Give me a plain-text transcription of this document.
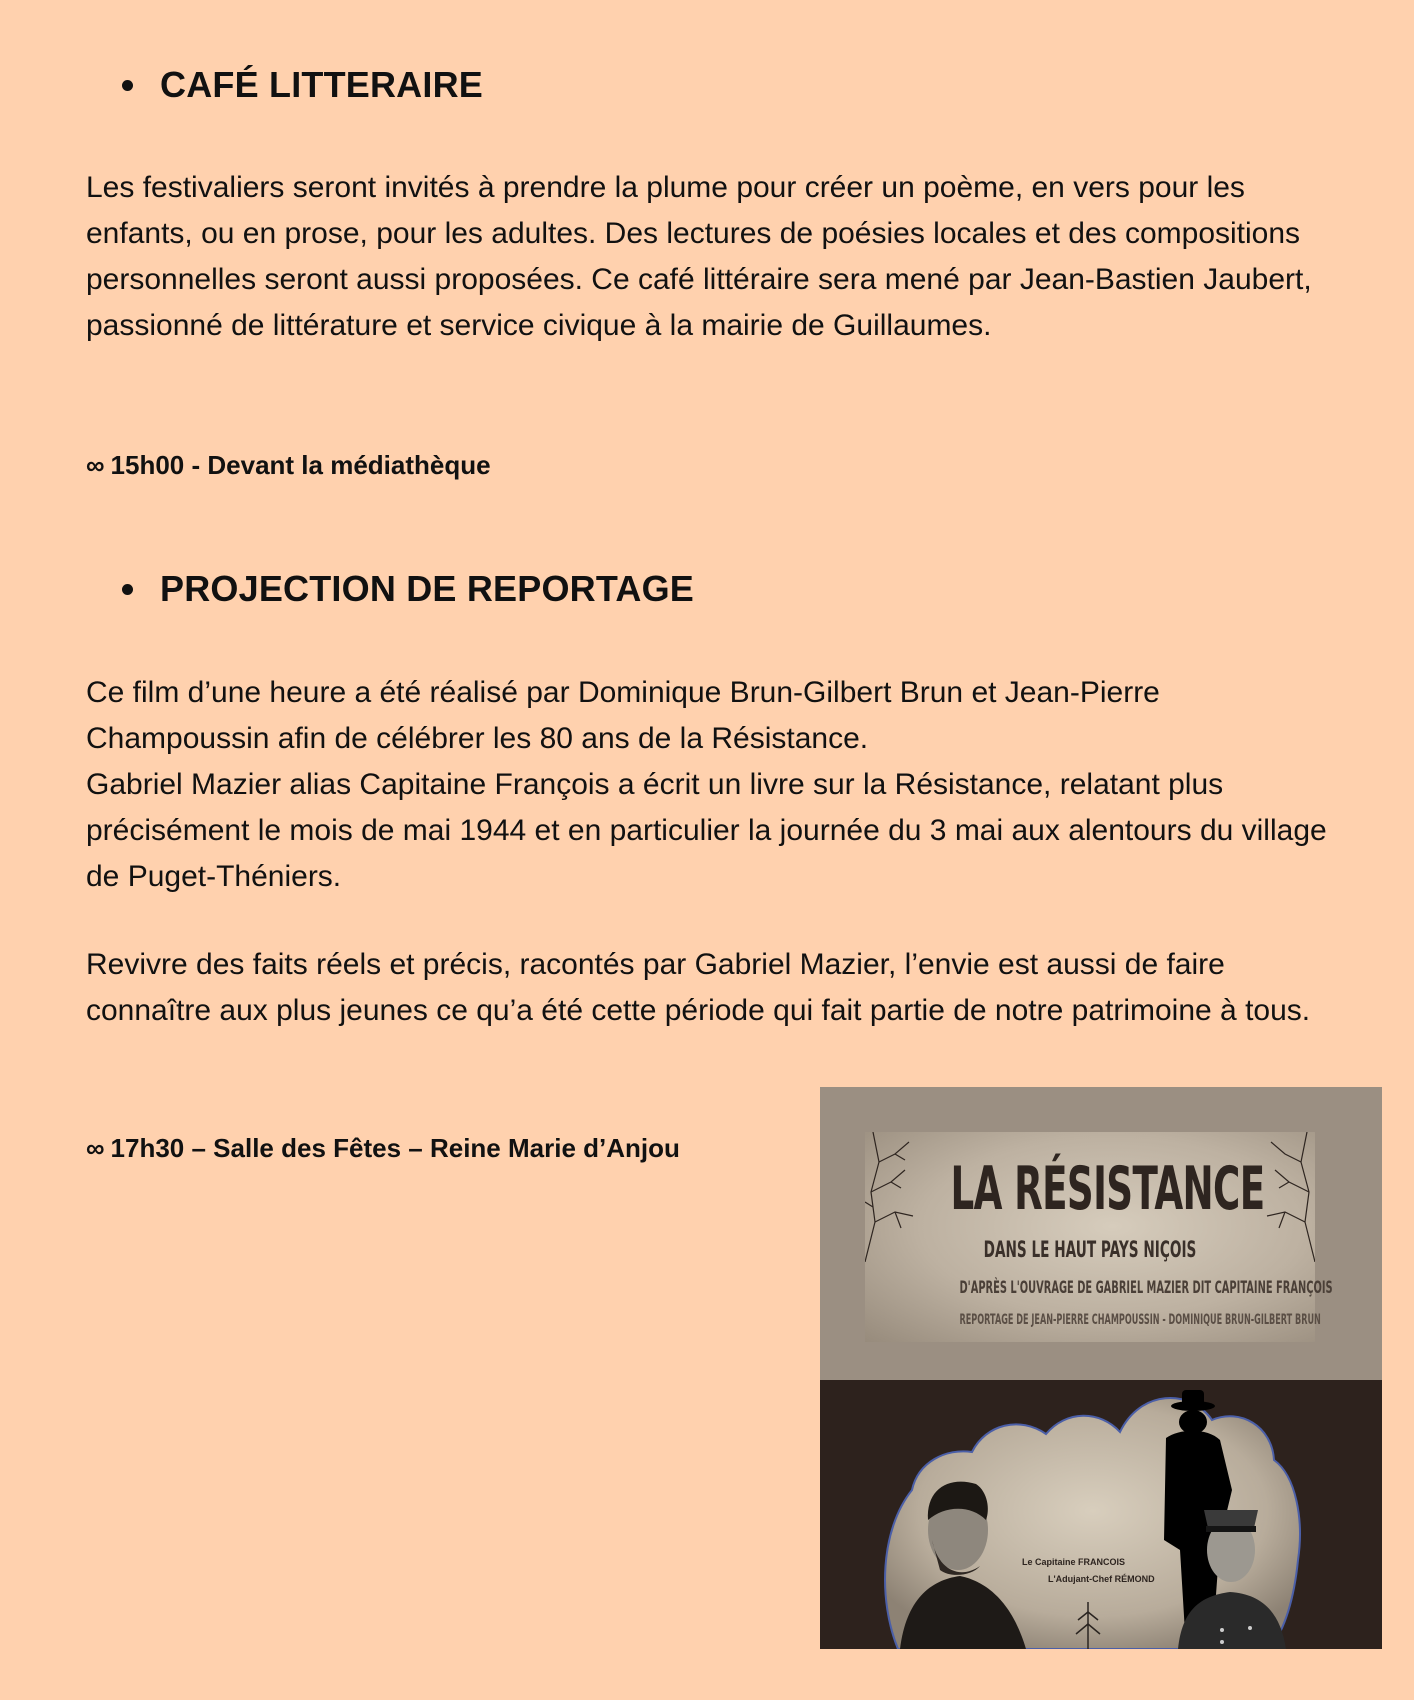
CAFÉ LITTERAIRE

Les festivaliers seront invités à prendre la plume pour créer un poème, en vers pour les enfants, ou en prose, pour les adultes. Des lectures de poésies locales et des compositions personnelles seront aussi proposées. Ce café littéraire sera mené par Jean-Bastien Jaubert, passionné de littérature et service civique à la mairie de Guillaumes.

∞ 15h00 - Devant la médiathèque
PROJECTION DE REPORTAGE

Ce film d’une heure a été réalisé par Dominique Brun-Gilbert Brun et Jean-Pierre Champoussin afin de célébrer les 80 ans de la Résistance.
Gabriel Mazier alias Capitaine François a écrit un livre sur la Résistance, relatant plus précisément le mois de mai 1944 et en particulier la journée du 3 mai aux alentours du village de Puget-Théniers.

Revivre des faits réels et précis, racontés par Gabriel Mazier, l’envie est aussi de faire connaître aux plus jeunes ce qu’a été cette période qui fait partie de notre patrimoine à tous.

∞ 17h30 – Salle des Fêtes – Reine Marie d’Anjou
LA RÉSISTANCE
DANS LE HAUT PAYS NIÇOIS
D'APRÈS L'OUVRAGE DE GABRIEL MAZIER DIT CAPITAINE FRANÇOIS
REPORTAGE DE JEAN-PIERRE CHAMPOUSSIN - DOMINIQUE BRUN-GILBERT BRUN
Le Capitaine FRANCOIS
L'Adujant-Chef RÉMOND
